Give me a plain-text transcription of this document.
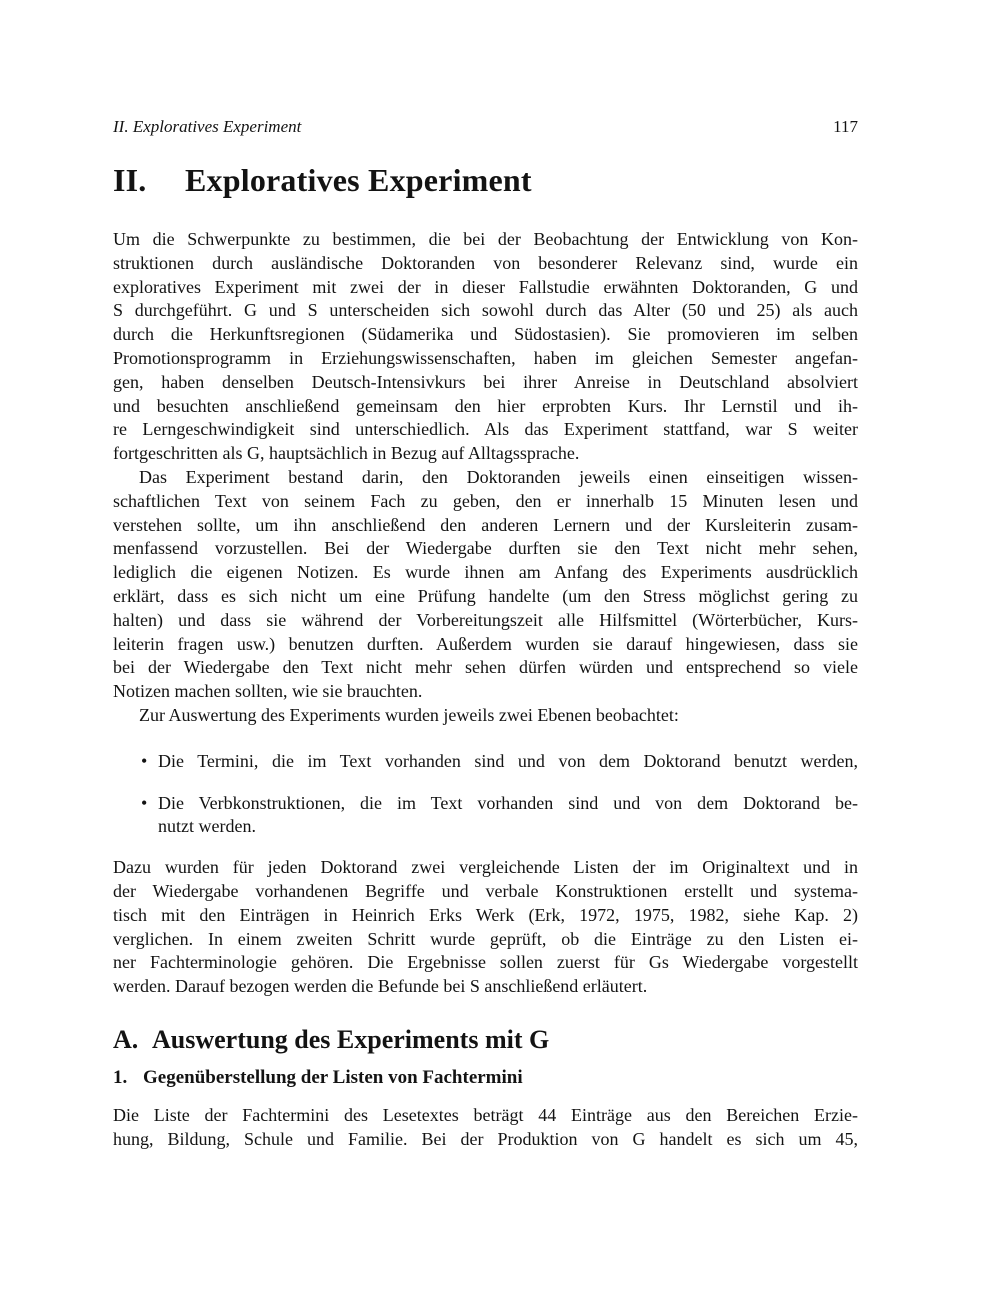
II. Exploratives Experiment	117
II.	Exploratives Experiment
Um die Schwerpunkte zu bestimmen, die bei der Beobachtung der Entwicklung von Kon-
struktionen durch ausländische Doktoranden von besonderer Relevanz sind, wurde ein
exploratives Experiment mit zwei der in dieser Fallstudie erwähnten Doktoranden, G und
S durchgeführt. G und S unterscheiden sich sowohl durch das Alter (50 und 25) als auch
durch die Herkunftsregionen (Südamerika und Südostasien). Sie promovieren im selben
Promotionsprogramm in Erziehungswissenschaften, haben im gleichen Semester angefan-
gen, haben denselben Deutsch-Intensivkurs bei ihrer Anreise in Deutschland absolviert
und besuchten anschließend gemeinsam den hier erprobten Kurs. Ihr Lernstil und ih-
re Lerngeschwindigkeit sind unterschiedlich. Als das Experiment stattfand, war S weiter
fortgeschritten als G, hauptsächlich in Bezug auf Alltagssprache.
Das Experiment bestand darin, den Doktoranden jeweils einen einseitigen wissen-
schaftlichen Text von seinem Fach zu geben, den er innerhalb 15 Minuten lesen und
verstehen sollte, um ihn anschließend den anderen Lernern und der Kursleiterin zusam-
menfassend vorzustellen. Bei der Wiedergabe durften sie den Text nicht mehr sehen,
lediglich die eigenen Notizen. Es wurde ihnen am Anfang des Experiments ausdrücklich
erklärt, dass es sich nicht um eine Prüfung handelte (um den Stress möglichst gering zu
halten) und dass sie während der Vorbereitungszeit alle Hilfsmittel (Wörterbücher, Kurs-
leiterin fragen usw.) benutzen durften. Außerdem wurden sie darauf hingewiesen, dass sie
bei der Wiedergabe den Text nicht mehr sehen dürfen würden und entsprechend so viele
Notizen machen sollten, wie sie brauchten.
Zur Auswertung des Experiments wurden jeweils zwei Ebenen beobachtet:
• Die Termini, die im Text vorhanden sind und von dem Doktorand benutzt werden,
• Die Verbkonstruktionen, die im Text vorhanden sind und von dem Doktorand be-
nutzt werden.
Dazu wurden für jeden Doktorand zwei vergleichende Listen der im Originaltext und in
der Wiedergabe vorhandenen Begriffe und verbale Konstruktionen erstellt und systema-
tisch mit den Einträgen in Heinrich Erks Werk (Erk, 1972, 1975, 1982, siehe Kap. 2)
verglichen. In einem zweiten Schritt wurde geprüft, ob die Einträge zu den Listen ei-
ner Fachterminologie gehören. Die Ergebnisse sollen zuerst für Gs Wiedergabe vorgestellt
werden. Darauf bezogen werden die Befunde bei S anschließend erläutert.
A. Auswertung des Experiments mit G
1. Gegenüberstellung der Listen von Fachtermini
Die Liste der Fachtermini des Lesetextes beträgt 44 Einträge aus den Bereichen Erzie-
hung, Bildung, Schule und Familie. Bei der Produktion von G handelt es sich um 45,
